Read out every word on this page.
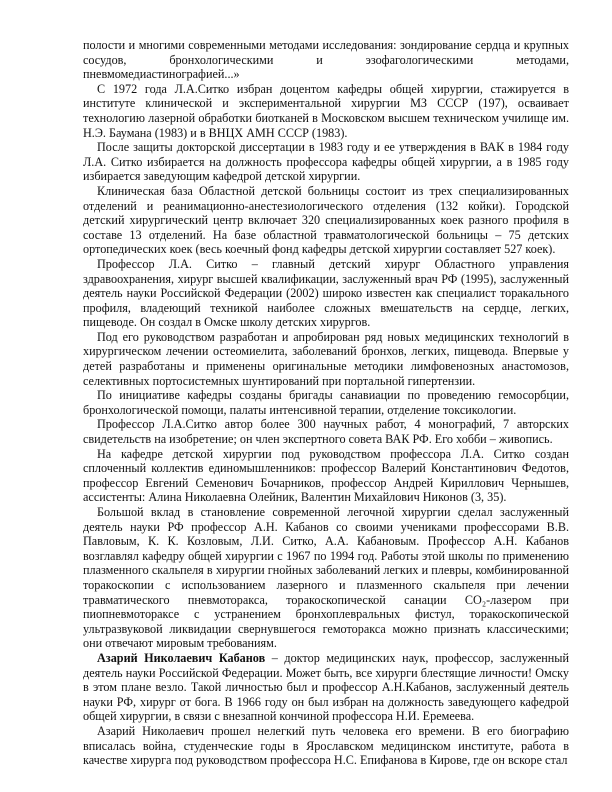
полости и многими современными методами исследования: зондирование сердца и крупных сосудов, бронхологическими и эзофагологическими методами, пневмомедиастинографией...»

С 1972 года Л.А.Ситко избран доцентом кафедры общей хирургии, стажируется в институте клинической и экспериментальной хирургии МЗ СССР (197), осваивает технологию лазерной обработки биотканей в Московском высшем техническом училище им. Н.Э. Баумана (1983) и в ВНЦХ АМН СССР (1983).

После защиты докторской диссертации в 1983 году и ее утверждения в ВАК в 1984 году Л.А. Ситко избирается на должность профессора кафедры общей хирургии, а в 1985 году избирается заведующим кафедрой детской хирургии.

Клиническая база Областной детской больницы состоит из трех специализированных отделений и реанимационно-анестезиологического отделения (132 койки). Городской детский хирургический центр включает 320 специализированных коек разного профиля в составе 13 отделений. На базе областной травматологической больницы – 75 детских ортопедических коек (весь коечный фонд кафедры детской хирургии составляет 527 коек).

Профессор Л.А. Ситко – главный детский хирург Областного управления здравоохранения, хирург высшей квалификации, заслуженный врач РФ (1995), заслуженный деятель науки Российской Федерации (2002) широко известен как специалист торакального профиля, владеющий техникой наиболее сложных вмешательств на сердце, легких, пищеводе. Он создал в Омске школу детских хирургов.

Под его руководством разработан и апробирован ряд новых медицинских технологий в хирургическом лечении остеомиелита, заболеваний бронхов, легких, пищевода. Впервые у детей разработаны и применены оригинальные методики лимфовенозных анастомозов, селективных портосистемных шунтирований при портальной гипертензии.

По инициативе кафедры созданы бригады санавиации по проведению гемосорбции, бронхологической помощи, палаты интенсивной терапии, отделение токсикологии.

Профессор Л.А.Ситко автор более 300 научных работ, 4 монографий, 7 авторских свидетельств на изобретение; он член экспертного совета ВАК РФ. Его хобби – живопись.

На кафедре детской хирургии под руководством профессора Л.А. Ситко создан сплоченный коллектив единомышленников: профессор Валерий Константинович Федотов, профессор Евгений Семенович Бочарников, профессор Андрей Кириллович Чернышев, ассистенты: Алина Николаевна Олейник, Валентин Михайлович Никонов (3, 35).

Большой вклад в становление современной легочной хирургии сделал заслуженный деятель науки РФ профессор А.Н. Кабанов со своими учениками профессорами В.В. Павловым, К. К. Козловым, Л.И. Ситко, А.А. Кабановым. Профессор А.Н. Кабанов возглавлял кафедру общей хирургии с 1967 по 1994 год. Работы этой школы по применению плазменного скальпеля в хирургии гнойных заболеваний легких и плевры, комбинированной торакоскопии с использованием лазерного и плазменного скальпеля при лечении травматического пневмоторакса, торакоскопической санации СО₂-лазером при пиопневмотораксе с устранением бронхоплевральных фистул, торакоскопической ультразвуковой ликвидации свернувшегося гемоторакса можно признать классическими; они отвечают мировым требованиям.

Азарий Николаевич Кабанов – доктор медицинских наук, профессор, заслуженный деятель науки Российской Федерации. Может быть, все хирурги блестящие личности! Омску в этом плане везло. Такой личностью был и профессор А.Н.Кабанов, заслуженный деятель науки РФ, хирург от бога. В 1966 году он был избран на должность заведующего кафедрой общей хирургии, в связи с внезапной кончиной профессора Н.И. Еремеева.

Азарий Николаевич прошел нелегкий путь человека его времени. В его биографию вписалась война, студенческие годы в Ярославском медицинском институте, работа в качестве хирурга под руководством профессора Н.С. Епифанова в Кирове, где он вскоре стал
